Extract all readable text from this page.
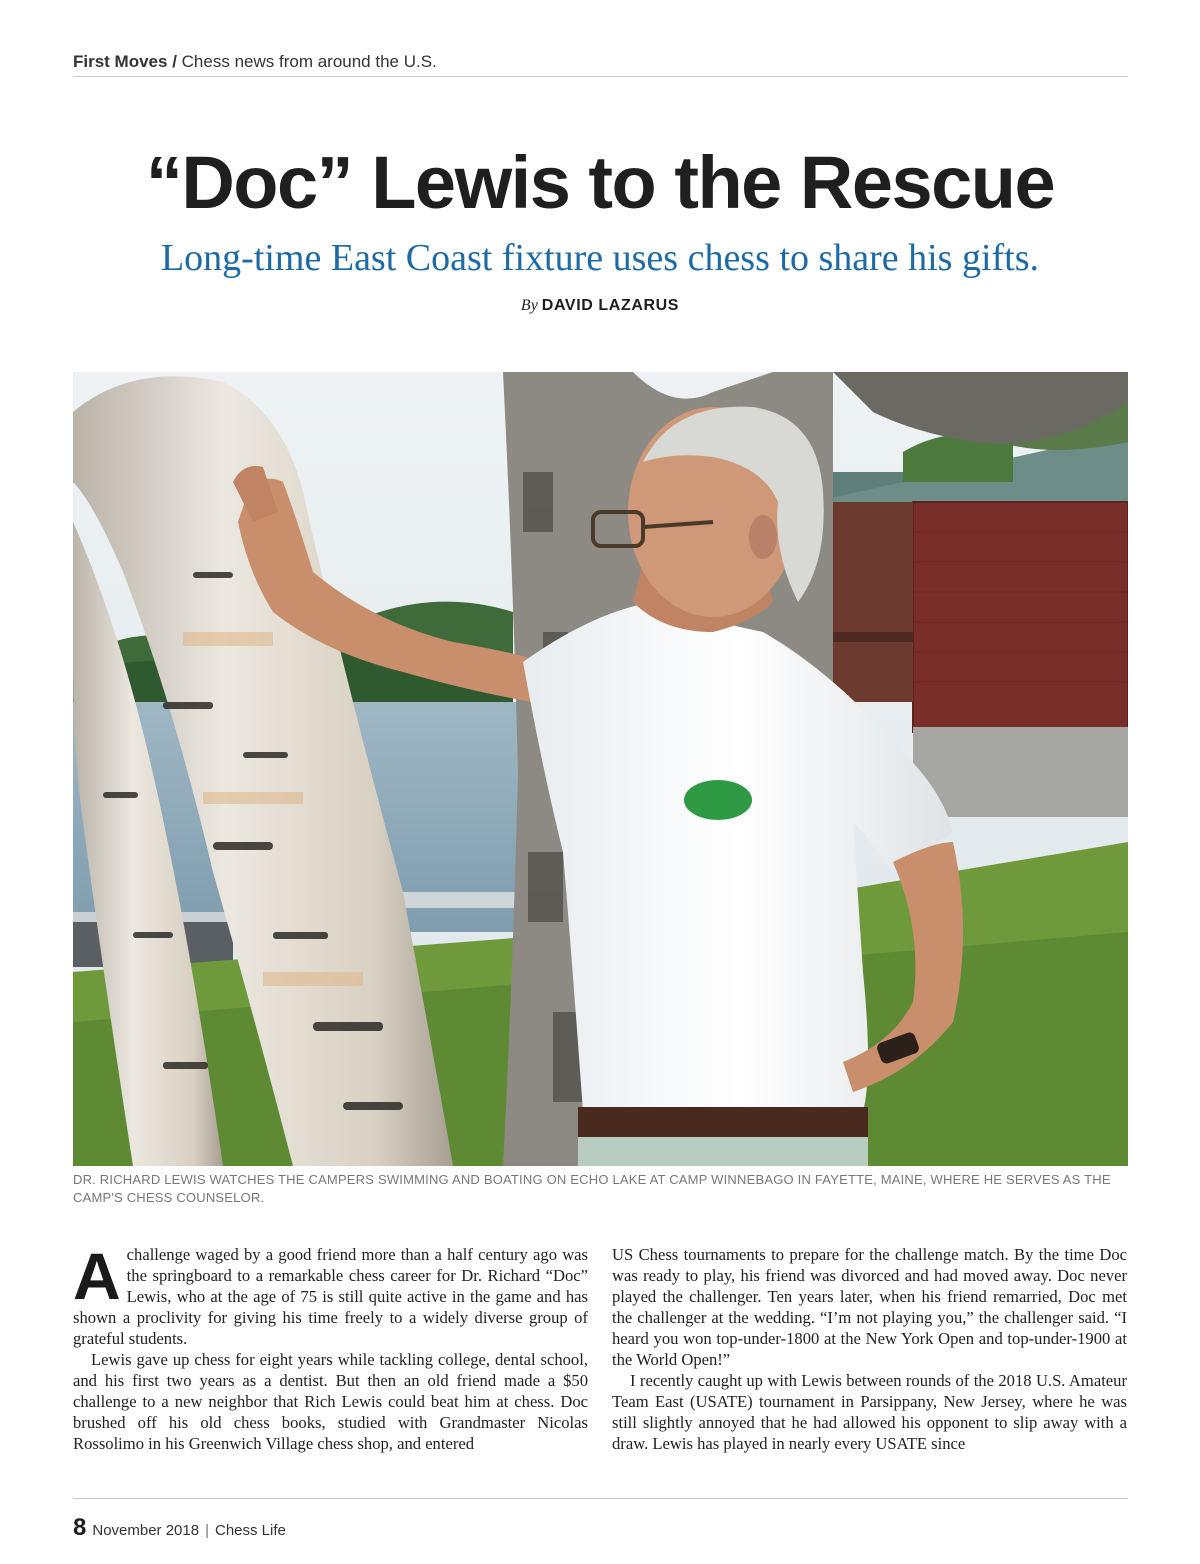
First Moves / Chess news from around the U.S.
“Doc” Lewis to the Rescue
Long-time East Coast fixture uses chess to share his gifts.
By DAVID LAZARUS
DR. RICHARD LEWIS WATCHES THE CAMPERS SWIMMING AND BOATING ON ECHO LAKE AT CAMP WINNEBAGO IN FAYETTE, MAINE, WHERE HE SERVES AS THE CAMP'S CHESS COUNSELOR.

Achallenge waged by a good friend more than a half century ago was the springboard to a remarkable chess career for Dr. Richard “Doc” Lewis, who at the age of 75 is still quite active in the game and has shown a proclivity for giving his time freely to a widely diverse group of grateful students.

Lewis gave up chess for eight years while tackling college, dental school, and his first two years as a dentist. But then an old friend made a $50 challenge to a new neighbor that Rich Lewis could beat him at chess. Doc brushed off his old chess books, studied with Grandmaster Nicolas Rossolimo in his Greenwich Village chess shop, and entered

US Chess tournaments to prepare for the challenge match. By the time Doc was ready to play, his friend was divorced and had moved away. Doc never played the challenger. Ten years later, when his friend remarried, Doc met the challenger at the wedding. “I’m not playing you,” the challenger said. “I heard you won top-under-1800 at the New York Open and top-under-1900 at the World Open!”

I recently caught up with Lewis between rounds of the 2018 U.S. Amateur Team East (USATE) tournament in Parsippany, New Jersey, where he was still slightly annoyed that he had allowed his opponent to slip away with a draw. Lewis has played in nearly every USATE since

8 November 2018 | Chess Life
